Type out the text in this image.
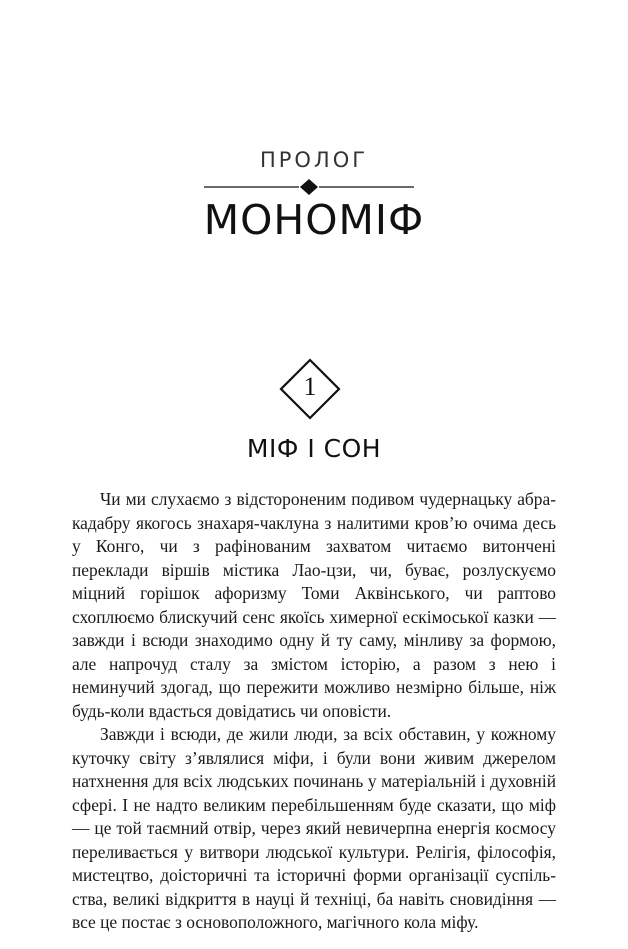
ПРОЛОГ
МОНОМІФ
1
МІФ І СОН

Чи ми слухаємо з відстороненим подивом чудернацьку абракадабру якогось знахаря-чаклуна з налитими кров’ю очима десь у Конго, чи з рафінованим захватом читаємо витончені переклади віршів містика Лао-цзи, чи, буває, розлускуємо міцний горішок афоризму Томи Аквінського, чи раптово схоплюємо блискучий сенс якоїсь химерної ескімоської казки — завжди і всюди знаходимо одну й ту саму, мінливу за формою, але напрочуд сталу за змістом історію, а разом з нею і неминучий здогад, що пережити можливо незмірно більше, ніж будь-коли вдасться довідатись чи оповісти.

Завжди і всюди, де жили люди, за всіх обставин, у кожному куточку світу з’являлися міфи, і були вони живим джерелом натхнення для всіх людських починань у матеріальній і духовній сфері. І не надто великим перебільшенням буде сказати, що міф — це той таємний отвір, через який невичерпна енергія космосу переливається у витвори людської культури. Релігія, філософія, мистецтво, доісторичні та історичні форми організації суспільства, великі відкриття в науці й техніці, ба навіть сновидіння — все це постає з основоположного, магічного кола міфу.
